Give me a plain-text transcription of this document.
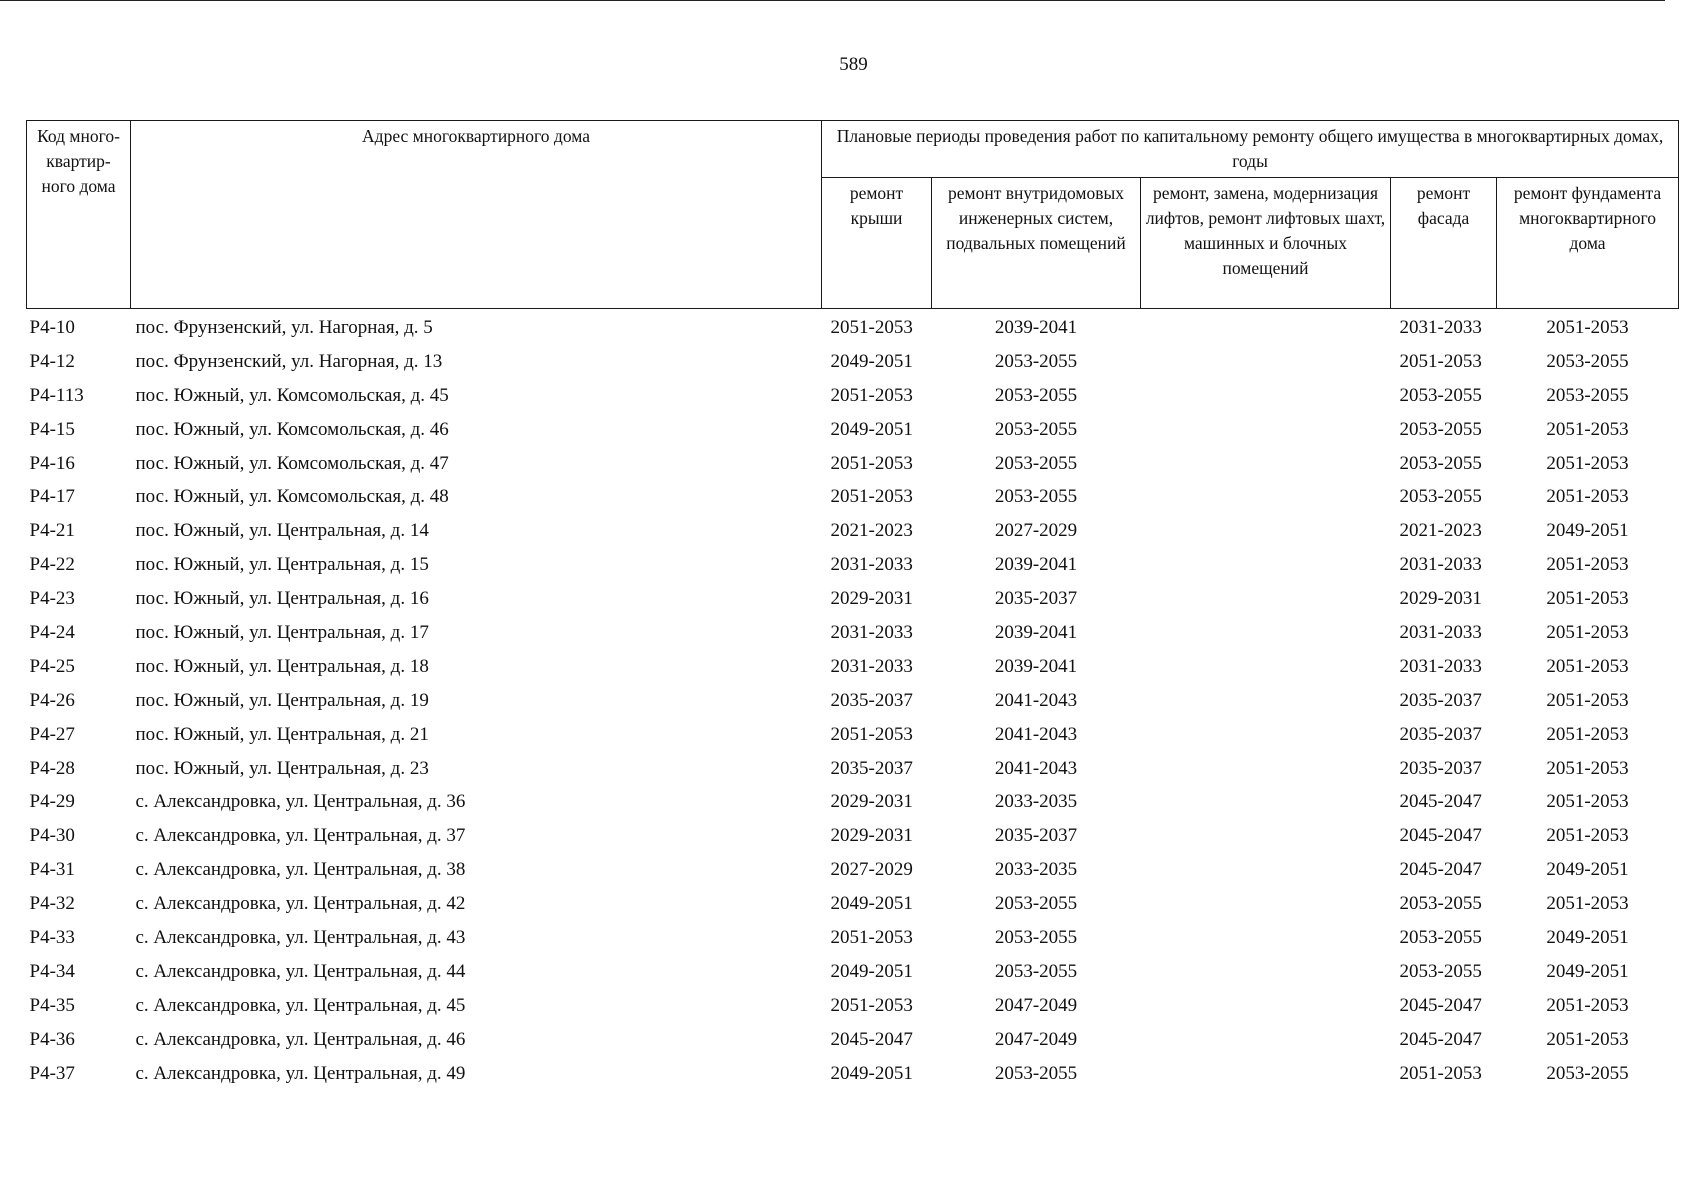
589
Код много-квартир-ного дома	Адрес многоквартирного дома	Плановые периоды проведения работ по капитальному ремонту общего имущества в многоквартирных домах, годы				
		ремонт крыши	ремонт внутридомовых инженерных систем, подвальных помещений	ремонт, замена, модернизация лифтов, ремонт лифтовых шахт, машинных и блочных помещений	ремонт фасада	ремонт фундамента многоквартирного дома
Р4-10	пос. Фрунзенский, ул. Нагорная, д. 5	2051-2053	2039-2041		2031-2033	2051-2053
Р4-12	пос. Фрунзенский, ул. Нагорная, д. 13	2049-2051	2053-2055		2051-2053	2053-2055
Р4-113	пос. Южный, ул. Комсомольская, д. 45	2051-2053	2053-2055		2053-2055	2053-2055
Р4-15	пос. Южный, ул. Комсомольская, д. 46	2049-2051	2053-2055		2053-2055	2051-2053
Р4-16	пос. Южный, ул. Комсомольская, д. 47	2051-2053	2053-2055		2053-2055	2051-2053
Р4-17	пос. Южный, ул. Комсомольская, д. 48	2051-2053	2053-2055		2053-2055	2051-2053
Р4-21	пос. Южный, ул. Центральная, д. 14	2021-2023	2027-2029		2021-2023	2049-2051
Р4-22	пос. Южный, ул. Центральная, д. 15	2031-2033	2039-2041		2031-2033	2051-2053
Р4-23	пос. Южный, ул. Центральная, д. 16	2029-2031	2035-2037		2029-2031	2051-2053
Р4-24	пос. Южный, ул. Центральная, д. 17	2031-2033	2039-2041		2031-2033	2051-2053
Р4-25	пос. Южный, ул. Центральная, д. 18	2031-2033	2039-2041		2031-2033	2051-2053
Р4-26	пос. Южный, ул. Центральная, д. 19	2035-2037	2041-2043		2035-2037	2051-2053
Р4-27	пос. Южный, ул. Центральная, д. 21	2051-2053	2041-2043		2035-2037	2051-2053
Р4-28	пос. Южный, ул. Центральная, д. 23	2035-2037	2041-2043		2035-2037	2051-2053
Р4-29	с. Александровка, ул. Центральная, д. 36	2029-2031	2033-2035		2045-2047	2051-2053
Р4-30	с. Александровка, ул. Центральная, д. 37	2029-2031	2035-2037		2045-2047	2051-2053
Р4-31	с. Александровка, ул. Центральная, д. 38	2027-2029	2033-2035		2045-2047	2049-2051
Р4-32	с. Александровка, ул. Центральная, д. 42	2049-2051	2053-2055		2053-2055	2051-2053
Р4-33	с. Александровка, ул. Центральная, д. 43	2051-2053	2053-2055		2053-2055	2049-2051
Р4-34	с. Александровка, ул. Центральная, д. 44	2049-2051	2053-2055		2053-2055	2049-2051
Р4-35	с. Александровка, ул. Центральная, д. 45	2051-2053	2047-2049		2045-2047	2051-2053
Р4-36	с. Александровка, ул. Центральная, д. 46	2045-2047	2047-2049		2045-2047	2051-2053
Р4-37	с. Александровка, ул. Центральная, д. 49	2049-2051	2053-2055		2051-2053	2053-2055
